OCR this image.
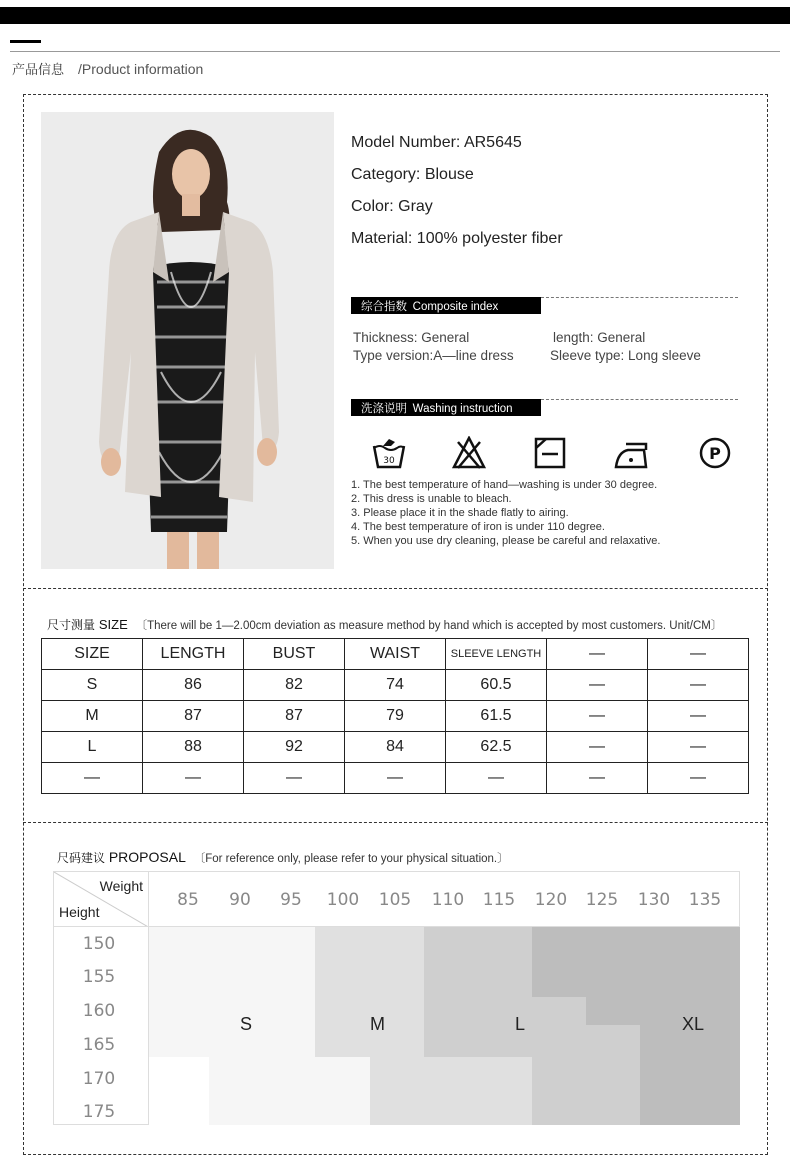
产品信息 /Product information
Model Number: AR5645
Category: Blouse
Color: Gray
Material: 100% polyester fiber
综合指数 Composite index
Thickness: General	length: General
Type version:A—line dress	Sleeve type: Long sleeve
洗涤说明 Washing instruction
30	P
1. The best temperature of hand—washing is under 30 degree.
2. This dress is unable to bleach.
3. Please place it in the shade flatly to airing.
4. The best temperature of iron is under 110 degree.
5. When you use dry cleaning, please be careful and relaxative.
尺寸测量 SIZE 〔There will be 1—2.00cm deviation as measure method by hand which is accepted by most customers. Unit/CM〕
SIZE	LENGTH	BUST	WAIST	SLEEVE LENGTH	—	—
S	86	82	74	60.5	—	—
M	87	87	79	61.5	—	—
L	88	92	84	62.5	—	—
—	—	—	—	—	—	—
尺码建议 PROPOSAL 〔For reference only, please refer to your physical situation.〕
Weight
Height
85	90	95	100	105	110	115	120	125	130	135
150
155
160
165
170
175
S	M	L	XL
